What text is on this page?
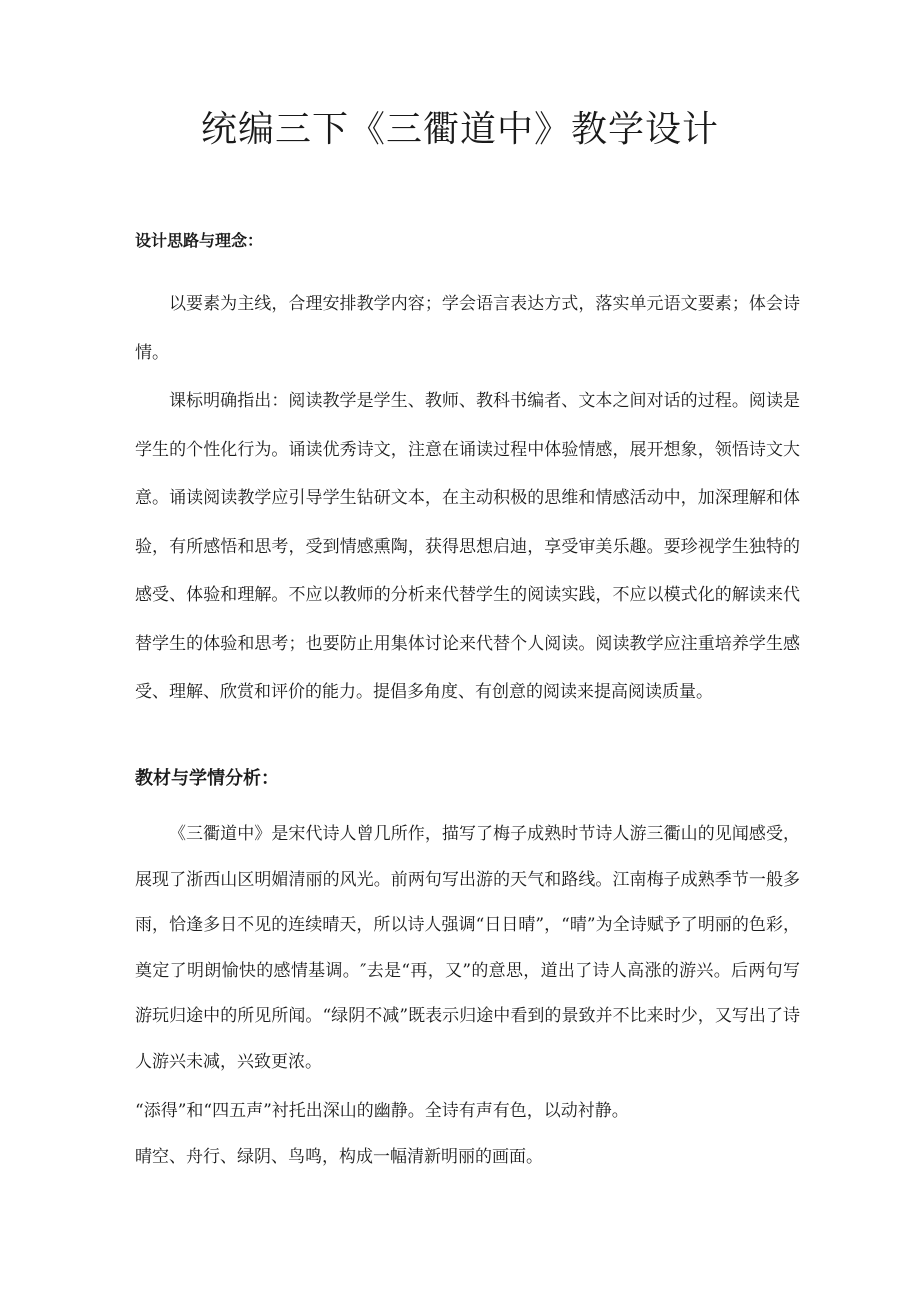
统编三下《三衢道中》教学设计

设计思路与理念：

以要素为主线，合理安排教学内容；学会语言表达方式，落实单元语文要素；体会诗情。

课标明确指出：阅读教学是学生、教师、教科书编者、文本之间对话的过程。阅读是学生的个性化行为。诵读优秀诗文，注意在诵读过程中体验情感，展开想象，领悟诗文大意。诵读阅读教学应引导学生钻研文本，在主动积极的思维和情感活动中，加深理解和体验，有所感悟和思考，受到情感熏陶，获得思想启迪，享受审美乐趣。要珍视学生独特的感受、体验和理解。不应以教师的分析来代替学生的阅读实践，不应以模式化的解读来代替学生的体验和思考；也要防止用集体讨论来代替个人阅读。阅读教学应注重培养学生感受、理解、欣赏和评价的能力。提倡多角度、有创意的阅读来提高阅读质量。

教材与学情分析：

《三衢道中》是宋代诗人曾几所作，描写了梅子成熟时节诗人游三衢山的见闻感受，展现了浙西山区明媚清丽的风光。前两句写出游的天气和路线。江南梅子成熟季节一般多雨，恰逢多日不见的连续晴天，所以诗人强调“日日晴”，“晴”为全诗赋予了明丽的色彩，奠定了明朗愉快的感情基调。″去是“再，又”的意思，道出了诗人高涨的游兴。后两句写游玩归途中的所见所闻。“绿阴不减”既表示归途中看到的景致并不比来时少，又写出了诗人游兴未减，兴致更浓。

“添得”和“四五声”衬托出深山的幽静。全诗有声有色，以动衬静。

晴空、舟行、绿阴、鸟鸣，构成一幅清新明丽的画面。
